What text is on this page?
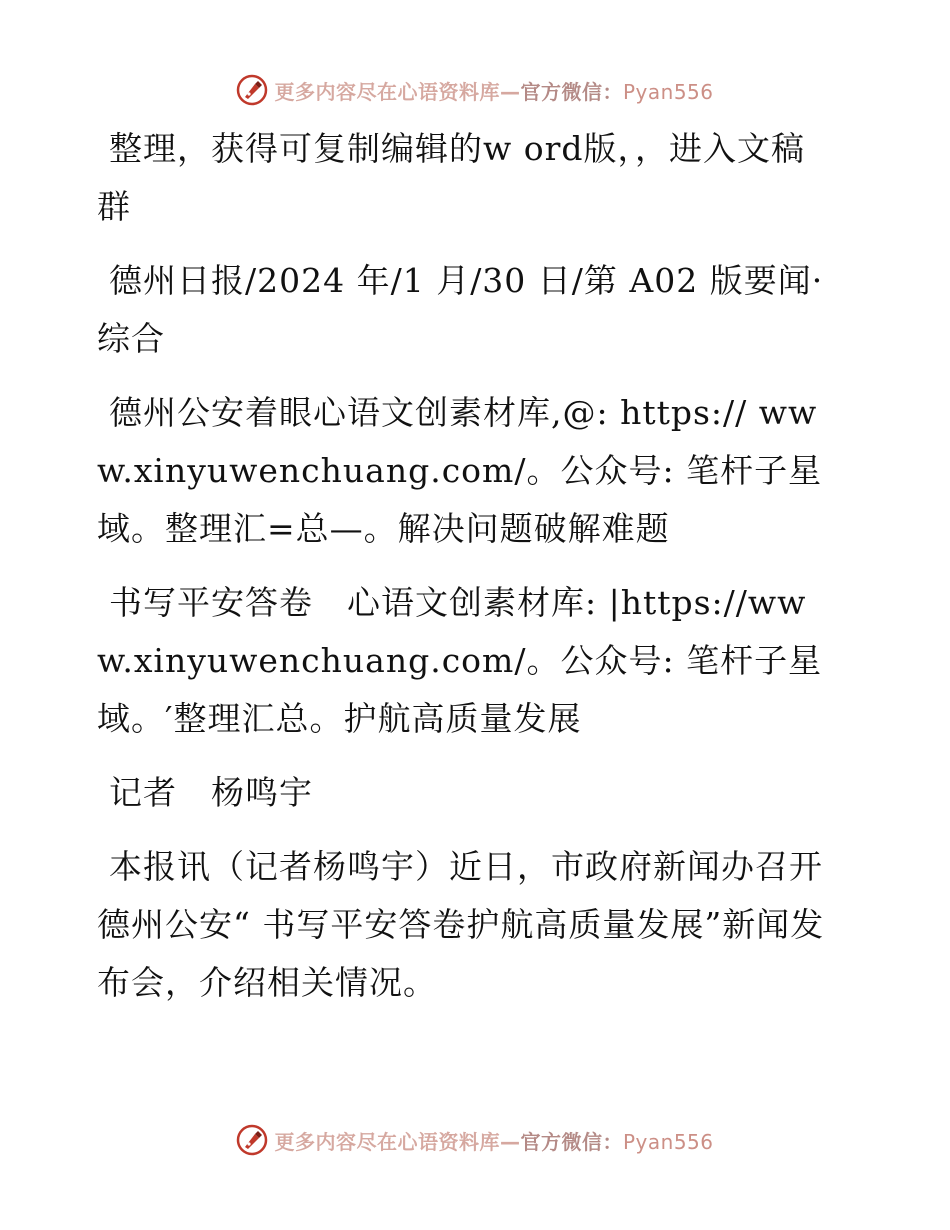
更多内容尽在心语资料库—官方微信：Pyan556

整理，获得可复制编辑的w ord版，，进入文稿群

德州日报/2024 年/1 月/30 日/第 A02 版要闻·综合

德州公安着眼心语文创素材库,@: https:// www.xinyuwenchuang.com/。公众号: 笔杆子星域。整理汇=总—。解决问题破解难题

书写平安答卷　心语文创素材库: |https://www.xinyuwenchuang.com/。公众号: 笔杆子星域。′整理汇总。护航高质量发展

记者　杨鸣宇

本报讯（记者杨鸣宇）近日，市政府新闻办召开德州公安“ 书写平安答卷护航高质量发展”新闻发布会，介绍相关情况。

更多内容尽在心语资料库—官方微信：Pyan556
